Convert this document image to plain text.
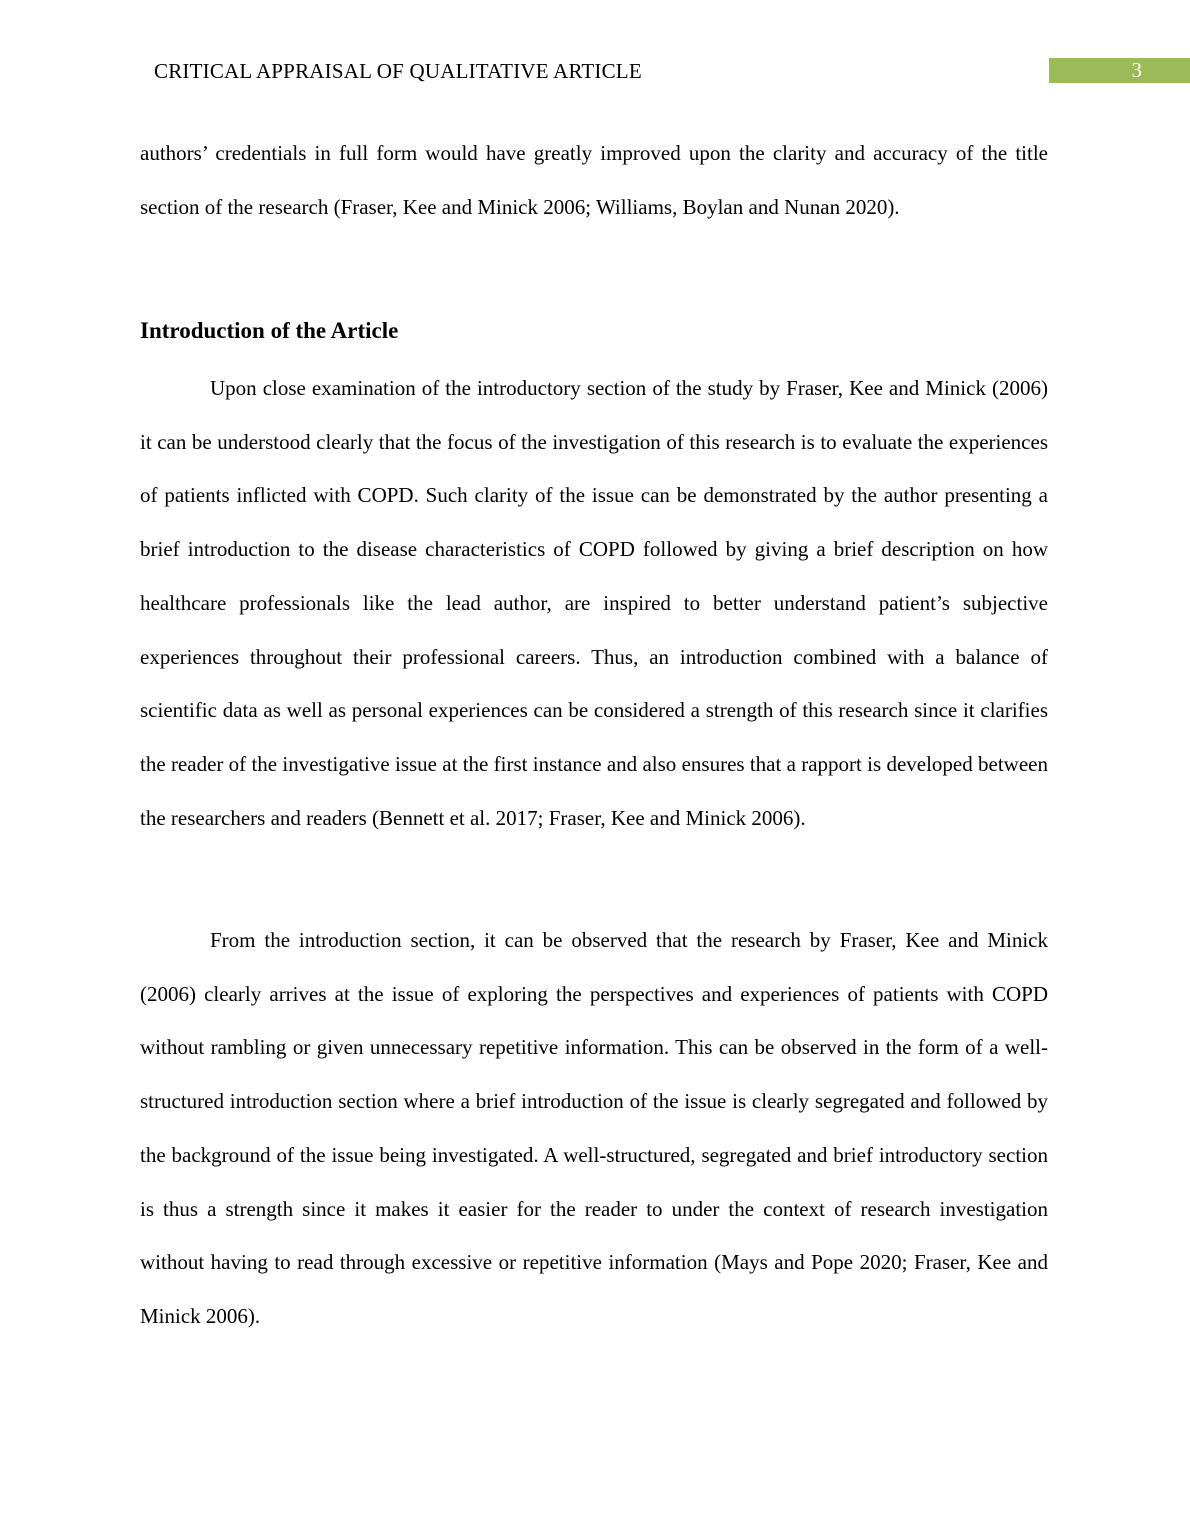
CRITICAL APPRAISAL OF QUALITATIVE ARTICLE	3

authors’ credentials in full form would have greatly improved upon the clarity and accuracy of the title section of the research (Fraser, Kee and Minick 2006; Williams, Boylan and Nunan 2020).

Introduction of the Article

Upon close examination of the introductory section of the study by Fraser, Kee and Minick (2006) it can be understood clearly that the focus of the investigation of this research is to evaluate the experiences of patients inflicted with COPD. Such clarity of the issue can be demonstrated by the author presenting a brief introduction to the disease characteristics of COPD followed by giving a brief description on how healthcare professionals like the lead author, are inspired to better understand patient’s subjective experiences throughout their professional careers. Thus, an introduction combined with a balance of scientific data as well as personal experiences can be considered a strength of this research since it clarifies the reader of the investigative issue at the first instance and also ensures that a rapport is developed between the researchers and readers (Bennett et al. 2017; Fraser, Kee and Minick 2006).

From the introduction section, it can be observed that the research by Fraser, Kee and Minick (2006) clearly arrives at the issue of exploring the perspectives and experiences of patients with COPD without rambling or given unnecessary repetitive information. This can be observed in the form of a well-structured introduction section where a brief introduction of the issue is clearly segregated and followed by the background of the issue being investigated. A well-structured, segregated and brief introductory section is thus a strength since it makes it easier for the reader to under the context of research investigation without having to read through excessive or repetitive information (Mays and Pope 2020; Fraser, Kee and Minick 2006).
